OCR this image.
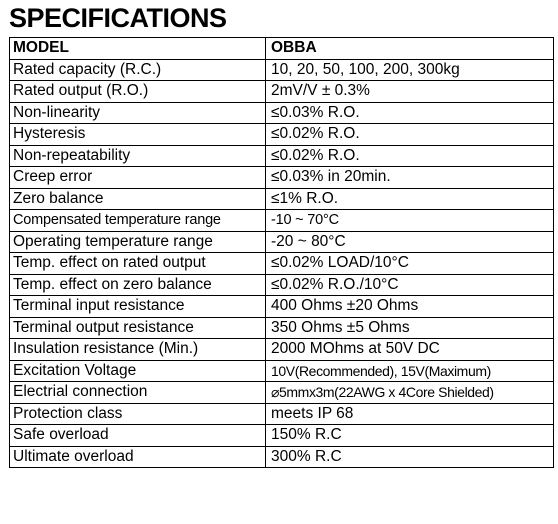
SPECIFICATIONS
MODEL	OBBA
Rated capacity (R.C.)	10, 20, 50, 100, 200, 300kg
Rated output (R.O.)	2mV/V ± 0.3%
Non-linearity	≤0.03% R.O.
Hysteresis	≤0.02% R.O.
Non-repeatability	≤0.02% R.O.
Creep error	≤0.03% in 20min.
Zero balance	≤1% R.O.
Compensated temperature range	-10 ~ 70°C
Operating temperature range	-20 ~ 80°C
Temp. effect on rated output	≤0.02% LOAD/10°C
Temp. effect on zero balance	≤0.02% R.O./10°C
Terminal input resistance	400 Ohms ±20 Ohms
Terminal output resistance	350 Ohms ±5 Ohms
Insulation resistance (Min.)	2000 MOhms at 50V DC
Excitation Voltage	10V(Recommended), 15V(Maximum)
Electrial connection	⌀5mmx3m(22AWG x 4Core Shielded)
Protection class	meets IP 68
Safe overload	150% R.C
Ultimate overload	300% R.C
